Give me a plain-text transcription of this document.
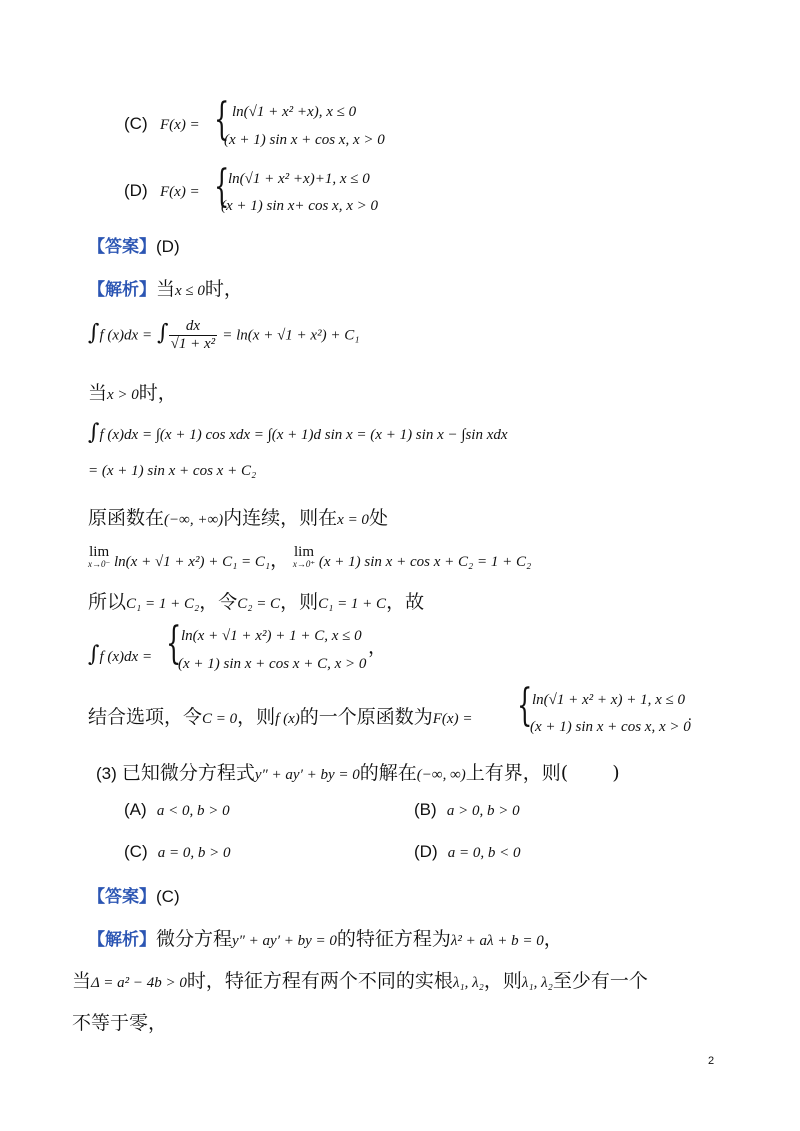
(C) F(x) = { ln(√1 + x² +x), x ≤ 0
(x + 1) sin x + cos x, x > 0
(D) F(x) = {
ln(√1 + x² +x)+1, x ≤ 0
(x + 1) sin x+ cos x, x > 0
【答案】(D)
【解析】当x ≤ 0时，
∫f (x)dx = ∫ $\frac{dx}{\text{√1 + x²}} = \ln(x + √1 + x^2) + C_1$
当x > 0时，
∫f (x)dx = ∫(x + 1) cos xdx = ∫(x + 1)d sin x = (x + 1) sin x − ∫sin xdx
= (x + 1) sin x + cos x + C₂
原函数在(−∞, +∞)内连续，则在x = 0处
lim
x→0⁻ ln(x + √1 + x²) + C₁ = C₁， lim
x→0⁺ (x + 1) sin x + cos x + C₂ = 1 + C₂
所以C₁ = 1 + C₂，令C₂ = C，则C₁ = 1 + C，故
∫f (x)dx = { ln(x + √1 + x²) + 1 + C, x ≤ 0
(x + 1) sin x + cos x + C, x > 0
，
结合选项，令C = 0，则f (x)的一个原函数为F(x) = { ln(√1 + x² + x) + 1, x ≤ 0
(x + 1) sin x + cos x, x > 0
.
(3) 已知微分方程式y″ + ay′ + by = 0的解在(−∞, ∞)上有界，则( )
(A) a < 0, b > 0	(B) a > 0, b > 0
(C) a = 0, b > 0	(D) a = 0, b < 0
【答案】(C)
【解析】微分方程y″ + ay′ + by = 0的特征方程为λ² + aλ + b = 0，
当Δ = a² − 4b > 0时，特征方程有两个不同的实根λ₁, λ₂，则λ₁, λ₂至少有一个
不等于零，
2
